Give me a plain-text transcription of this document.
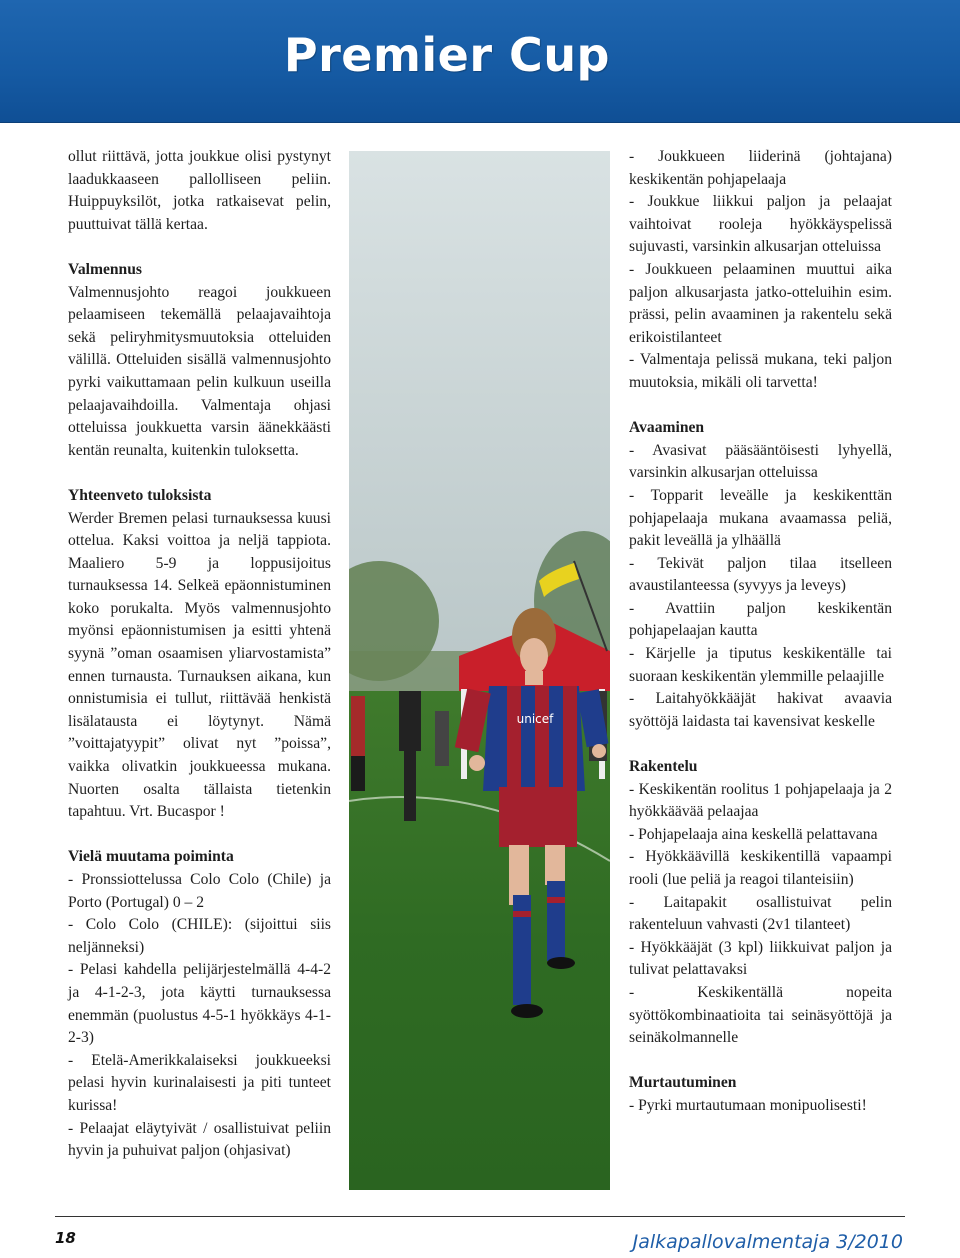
Premier Cup

ollut riittävä, jotta joukkue olisi pystynyt laadukkaaseen pallolliseen peliin. Huippuyksilöt, jotka ratkaisevat pelin, puuttuivat tällä kertaa.

Valmennus

Valmennusjohto reagoi joukkueen pelaamiseen tekemällä pelaajavaihtoja sekä peliryhmitysmuutoksia otteluiden välillä. Otteluiden sisällä valmennusjohto pyrki vaikuttamaan pelin kulkuun useilla pelaajavaihdoilla. Valmentaja ohjasi otteluissa joukkuetta varsin äänekkäästi kentän reunalta, kuitenkin tuloksetta.

Yhteenveto tuloksista

Werder Bremen pelasi turnauksessa kuusi ottelua. Kaksi voittoa ja neljä tappiota. Maaliero 5-9 ja loppusijoitus turnauksessa 14. Selkeä epäonnistuminen koko porukalta. Myös valmennusjohto myönsi epäonnistumisen ja esitti yhtenä syynä ”oman osaamisen yliarvostamista” ennen turnausta. Turnauksen aikana, kun onnistumisia ei tullut, riittävää henkistä lisälatausta ei löytynyt. Nämä ”voittajatyypit” olivat nyt ”poissa”, vaikka olivatkin joukkueessa mukana. Nuorten osalta tällaista tietenkin tapahtuu. Vrt. Bucaspor !

Vielä muutama poiminta

- Pronssiottelussa Colo Colo (Chile) ja Porto (Portugal) 0 – 2

- Colo Colo (CHILE): (sijoittui siis neljänneksi)

- Pelasi kahdella pelijärjestelmällä 4-4-2 ja 4-1-2-3, jota käytti turnauksessa enemmän (puolustus 4-5-1 hyökkäys 4-1-2-3)

- Etelä-Amerikkalaiseksi joukkueeksi pelasi hyvin kurinalaisesti ja piti tunteet kurissa!

- Pelaajat eläytyivät / osallistuivat peliin hyvin ja puhuivat paljon (ohjasivat)

unicef

- Joukkueen liiderinä (johtajana) keskikentän pohjapelaaja

- Joukkue liikkui paljon ja pelaajat vaihtoivat rooleja hyökkäyspelissä sujuvasti, varsinkin alkusarjan otteluissa

- Joukkueen pelaaminen muuttui aika paljon alkusarjasta jatko-otteluihin esim. prässi, pelin avaaminen ja rakentelu sekä erikoistilanteet

- Valmentaja pelissä mukana, teki paljon muutoksia, mikäli oli tarvetta!

Avaaminen

- Avasivat pääsääntöisesti lyhyellä, varsinkin alkusarjan otteluissa

- Topparit leveälle ja keskikenttän pohjapelaaja mukana avaamassa peliä, pakit leveällä ja ylhäällä

- Tekivät paljon tilaa itselleen avaustilanteessa (syvyys ja leveys)

- Avattiin paljon keskikentän pohjapelaajan kautta

- Kärjelle ja tiputus keskikentälle tai suoraan keskikentän ylemmille pelaajille

- Laitahyökkääjät hakivat avaavia syöttöjä laidasta tai kavensivat keskelle

Rakentelu

- Keskikentän roolitus 1 pohjapelaaja ja 2 hyökkäävää pelaajaa

- Pohjapelaaja aina keskellä pelattavana

- Hyökkäävillä keskikentillä vapaampi rooli (lue peliä ja reagoi tilanteisiin)

- Laitapakit osallistuivat pelin rakenteluun vahvasti (2v1 tilanteet)

- Hyökkääjät (3 kpl) liikkuivat paljon ja tulivat pelattavaksi

- Keskikentällä nopeita syöttökombinaatioita tai seinäsyöttöjä ja seinäkolmannelle

Murtautuminen

- Pyrki murtautumaan monipuolisesti!

18	Jalkapallovalmentaja 3/2010
